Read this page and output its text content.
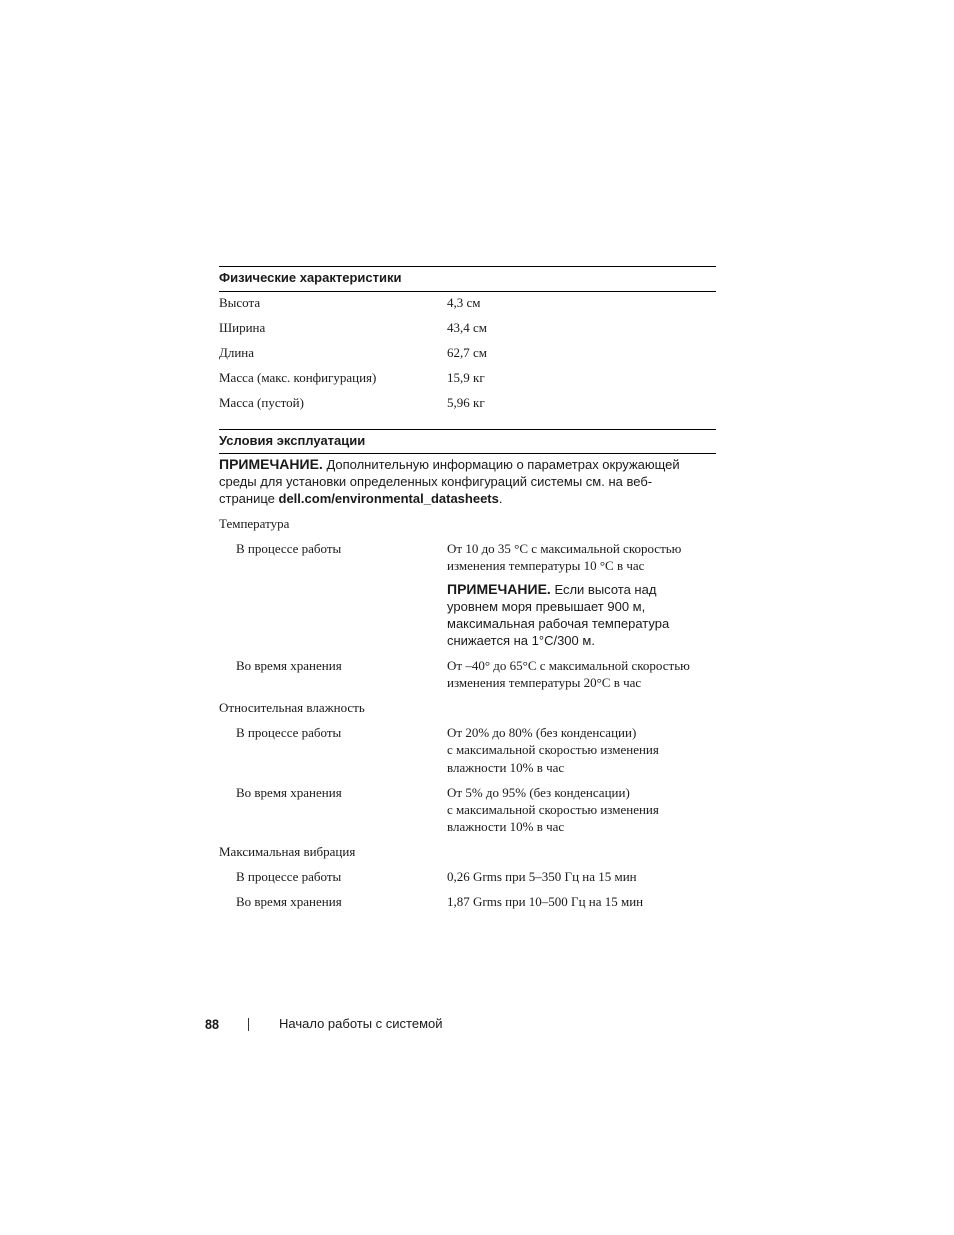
Физические характеристики
Высота	4,3 см
Ширина	43,4 см
Длина	62,7 см
Масса (макс. конфигурация)	15,9 кг
Масса (пустой)	5,96 кг
Условия эксплуатации
ПРИМЕЧАНИЕ. Дополнительную информацию о параметрах окружающей
среды для установки определенных конфигураций системы см. на веб-
странице dell.com/environmental_datasheets.
Температура
В процессе работы	От 10 до 35 °C с максимальной скоростью
изменения температуры 10 °C в час
ПРИМЕЧАНИЕ. Если высота над
уровнем моря превышает 900 м,
максимальная рабочая температура
снижается на 1°C/300 м.
Во время хранения	От –40° до 65°C с максимальной скоростью
изменения температуры 20°C в час
Относительная влажность
В процессе работы	От 20% до 80% (без конденсации)
с максимальной скоростью изменения
влажности 10% в час
Во время хранения	От 5% до 95% (без конденсации)
с максимальной скоростью изменения
влажности 10% в час
Максимальная вибрация
В процессе работы	0,26 Grms при 5–350 Гц на 15 мин
Во время хранения	1,87 Grms при 10–500 Гц на 15 мин
88	Начало работы с системой
